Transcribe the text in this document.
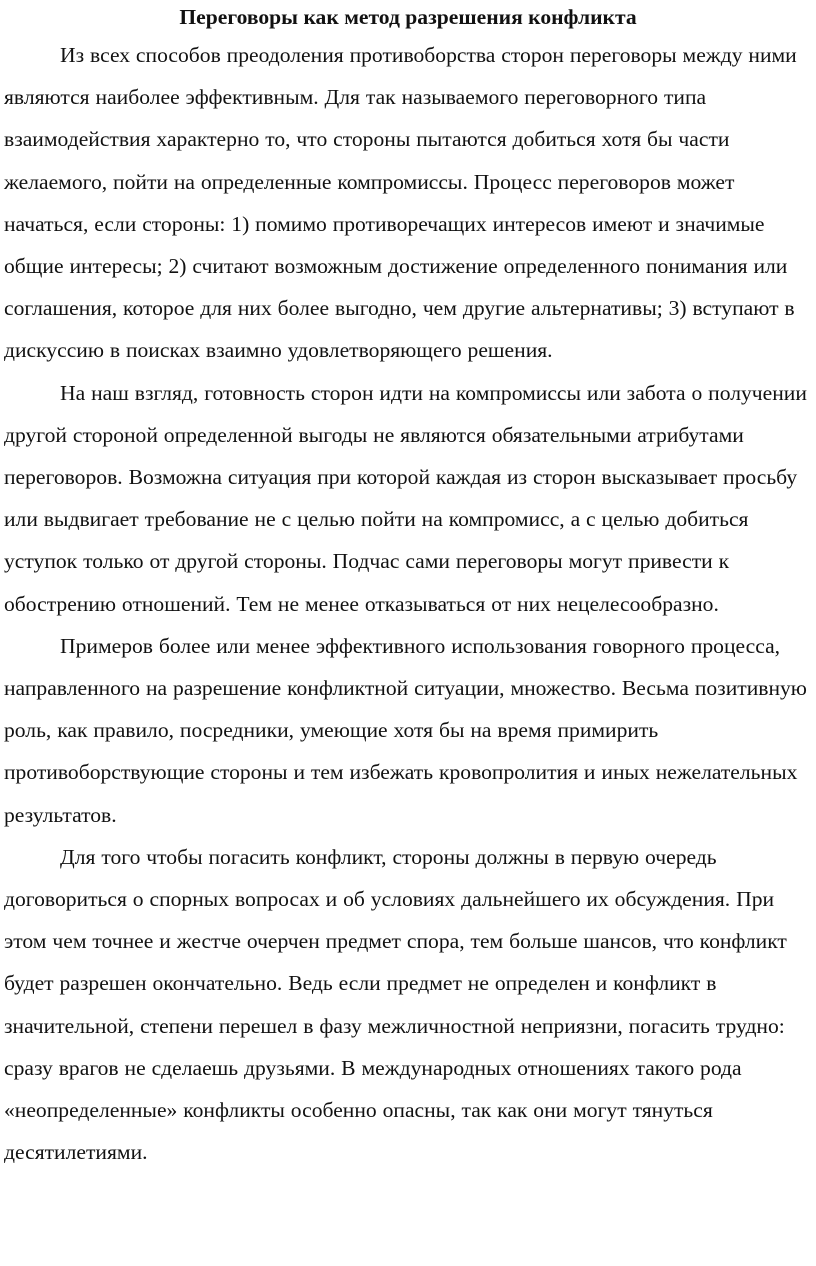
Переговоры как метод разрешения конфликта

Из всех способов преодоления противоборства сторон переговоры между ними являются наиболее эффективным. Для так называемого переговорного типа взаимодействия характерно то, что стороны пытаются добиться хотя бы части желаемого, пойти на определенные компромиссы. Процесс переговоров может начаться, если стороны: 1) помимо противоречащих интересов имеют и значимые общие интересы; 2) считают возможным достижение определенного понимания или соглашения, которое для них более выгодно, чем другие альтернативы; 3) вступают в дискуссию в поисках взаимно удовлетворяющего решения.

На наш взгляд, готовность сторон идти на компромиссы или забота о получении другой стороной определенной выгоды не являются обязательными атрибутами переговоров. Возможна ситуация при которой каждая из сторон высказывает просьбу или выдвигает требование не с целью пойти на компромисс, а с целью добиться уступок только от другой стороны. Подчас сами переговоры могут привести к обострению отношений. Тем не менее отказываться от них нецелесообразно.

Примеров более или менее эффективного использования говорного процесса, направленного на разрешение конфликтной ситуации, множество. Весьма позитивную роль, как правило, посредники, умеющие хотя бы на время примирить противоборствующие стороны и тем избежать кровопролития и иных нежелательных результатов.

Для того чтобы погасить конфликт, стороны должны в первую очередь договориться о спорных вопросах и об условиях дальнейшего их обсуждения. При этом чем точнее и жестче очерчен предмет спора, тем больше шансов, что конфликт будет разрешен окончательно. Ведь если предмет не определен и конфликт в значительной, степени перешел в фазу межличностной неприязни, погасить трудно: сразу врагов не сделаешь друзьями. В международных отношениях такого рода «неопределенные» конфликты особенно опасны, так как они могут тянуться десятилетиями.
